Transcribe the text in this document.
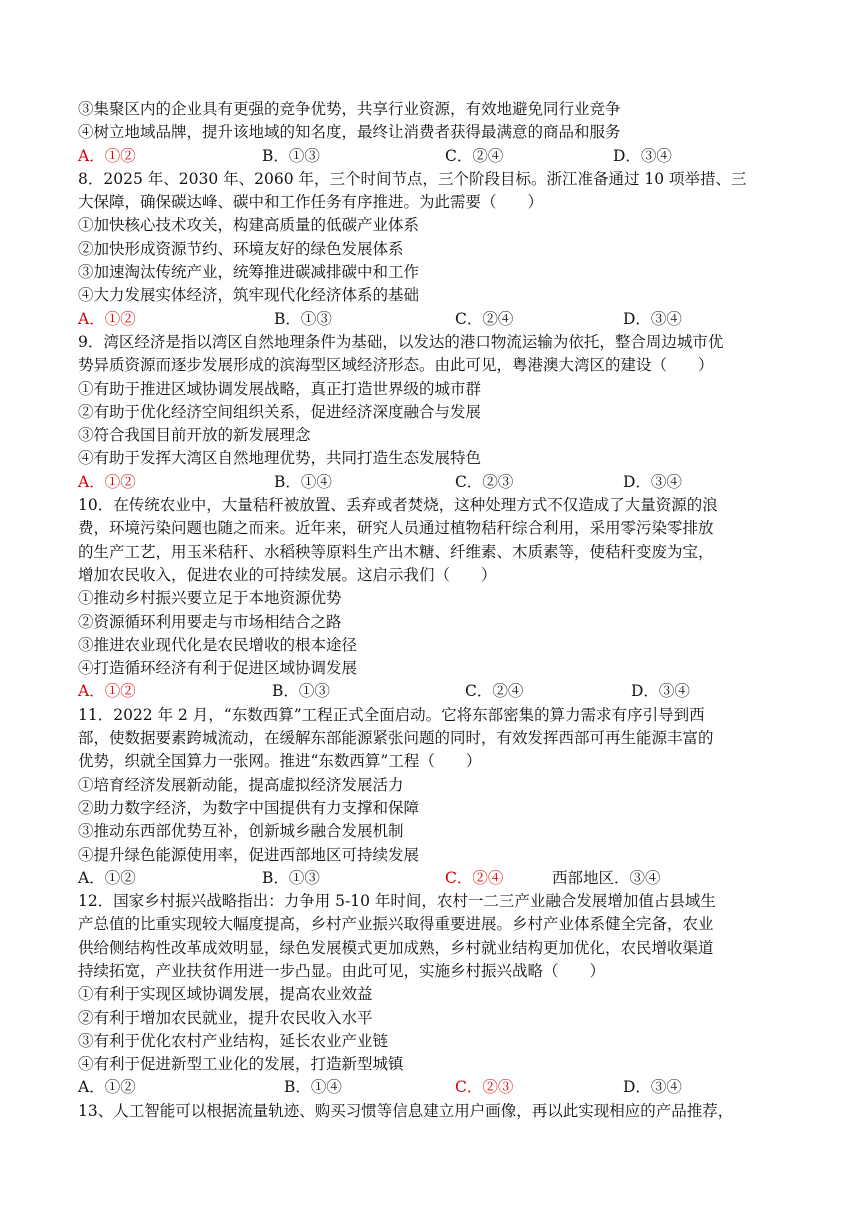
③集聚区内的企业具有更强的竞争优势，共享行业资源，有效地避免同行业竞争
④树立地域品牌，提升该地域的知名度，最终让消费者获得最满意的商品和服务
A．①②	B．①③	C．②④	D．③④
8．2025 年、2030 年、2060 年，三个时间节点，三个阶段目标。浙江准备通过 10 项举措、三
大保障，确保碳达峰、碳中和工作任务有序推进。为此需要（　　）
①加快核心技术攻关，构建高质量的低碳产业体系
②加快形成资源节约、环境友好的绿色发展体系
③加速淘汰传统产业，统筹推进碳减排碳中和工作
④大力发展实体经济，筑牢现代化经济体系的基础
A．①②	B．①③	C．②④	D．③④
9．湾区经济是指以湾区自然地理条件为基础，以发达的港口物流运输为依托，整合周边城市优
势异质资源而逐步发展形成的滨海型区域经济形态。由此可见，粤港澳大湾区的建设（　　）
①有助于推进区域协调发展战略，真正打造世界级的城市群
②有助于优化经济空间组织关系，促进经济深度融合与发展
③符合我国目前开放的新发展理念
④有助于发挥大湾区自然地理优势，共同打造生态发展特色
A．①②	B．①④	C．②③	D．③④
10．在传统农业中，大量秸秆被放置、丢弃或者焚烧，这种处理方式不仅造成了大量资源的浪
费，环境污染问题也随之而来。近年来，研究人员通过植物秸秆综合利用，采用零污染零排放
的生产工艺，用玉米秸秆、水稻秧等原料生产出木糖、纤维素、木质素等，使秸秆变废为宝，
增加农民收入，促进农业的可持续发展。这启示我们（　　）
①推动乡村振兴要立足于本地资源优势
②资源循环利用要走与市场相结合之路
③推进农业现代化是农民增收的根本途径
④打造循环经济有利于促进区域协调发展
A．①②	B．①③	C．②④	D．③④
11．2022 年 2 月，“东数西算”工程正式全面启动。它将东部密集的算力需求有序引导到西
部，使数据要素跨城流动，在缓解东部能源紧张问题的同时，有效发挥西部可再生能源丰富的
优势，织就全国算力一张网。推进“东数西算”工程（　　）
①培育经济发展新动能，提高虚拟经济发展活力
②助力数字经济，为数字中国提供有力支撑和保障
③推动东西部优势互补，创新城乡融合发展机制
④提升绿色能源使用率，促进西部地区可持续发展
A．①②	B．①③	C．②④	西部地区．③④
12．国家乡村振兴战略指出：力争用 5-10 年时间，农村一二三产业融合发展增加值占县域生
产总值的比重实现较大幅度提高，乡村产业振兴取得重要进展。乡村产业体系健全完备，农业
供给侧结构性改革成效明显，绿色发展模式更加成熟，乡村就业结构更加优化，农民增收渠道
持续拓宽，产业扶贫作用进一步凸显。由此可见，实施乡村振兴战略（　　）
①有利于实现区域协调发展，提高农业效益
②有利于增加农民就业，提升农民收入水平
③有利于优化农村产业结构，延长农业产业链
④有利于促进新型工业化的发展，打造新型城镇
A．①②	B．①④	C．②③	D．③④
13、人工智能可以根据流量轨迹、购买习惯等信息建立用户画像，再以此实现相应的产品推荐，
